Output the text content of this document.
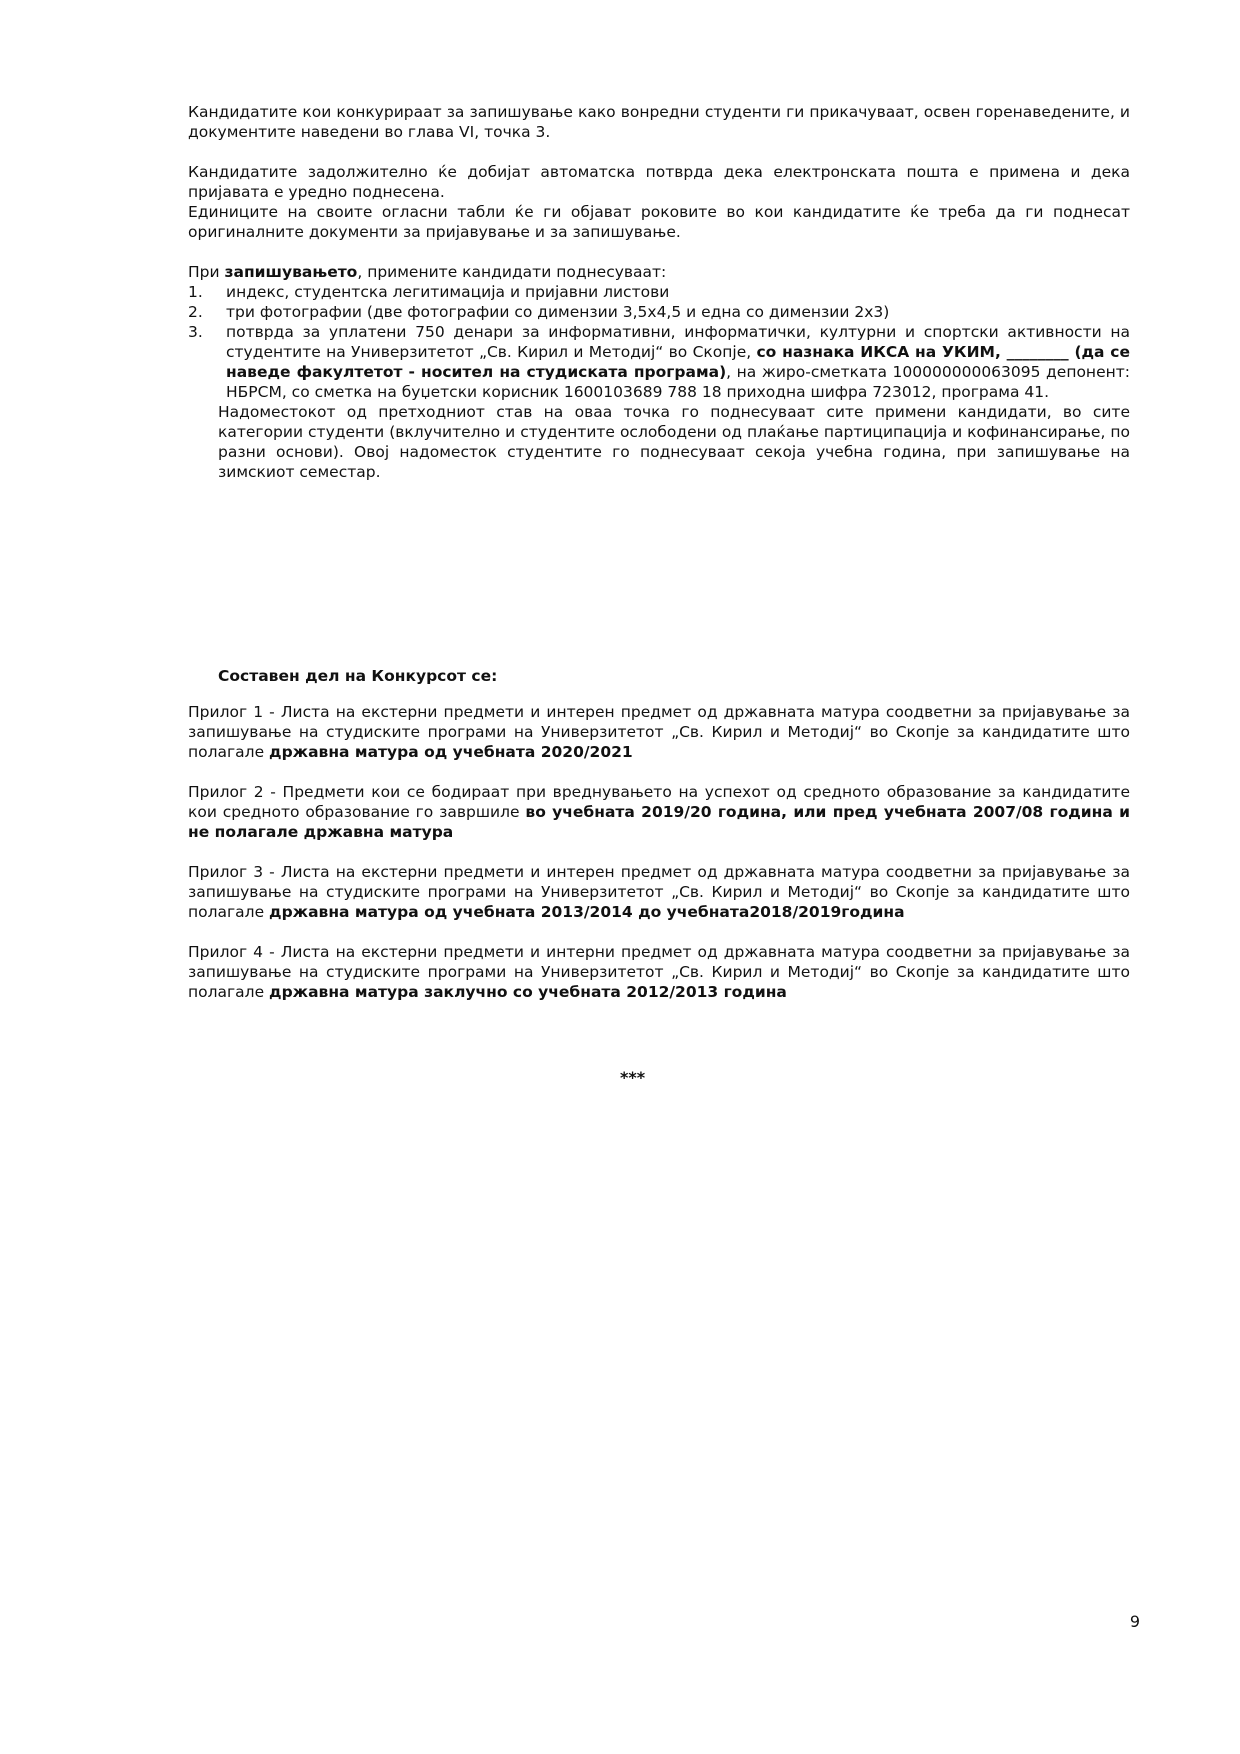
Кандидатите кои конкурираат за запишување како вонредни студенти ги прикачуваат, освен горенаведените, и документите наведени во глава VI, точка 3.

Кандидатите задолжително ќе добијат автоматска потврда дека електронската пошта е примена и дека пријавата е уредно поднесена.

Единиците на своите огласни табли ќе ги објават роковите во кои кандидатите ќе треба да ги поднесат оригиналните документи за пријавување и за запишување.

При запишувањето, примените кандидати поднесуваат:

1. индекс, студентска легитимација и пријавни листови
2. три фотографии (две фотографии со димензии 3,5x4,5 и една со димензии 2x3)
3. потврда за уплатени 750 денари за информативни, информатички, културни и спортски активности на студентите на Универзитетот „Св. Кирил и Методиј“ во Скопје, со назнака ИКСА на УКИМ, ________ (да се наведе факултетот - носител на студиската програма), на жиро-сметката 100000000063095 депонент: НБРСМ, со сметка на буџетски корисник 1600103689 788 18 приходна шифра 723012, програма 41.

Надоместокот од претходниот став на оваа точка го поднесуваат сите примени кандидати, во сите категории студенти (вклучително и студентите ослободени од плаќање партиципација и кофинансирање, по разни основи). Овој надоместок студентите го поднесуваат секоја учебна година, при запишување на зимскиот семестар.

Составен дел на Конкурсот се:

Прилог 1 - Листа на екстерни предмети и интерен предмет од државната матура соодветни за пријавување за запишување на студиските програми на Универзитетот „Св. Кирил и Методиј“ во Скопје за кандидатите што полагале државна матура од учебната 2020/2021

Прилог 2 - Предмети кои се бодираат при вреднувањето на успехот од средното образование за кандидатите кои средното образование го завршиле во учебната 2019/20 година, или пред учебната 2007/08 година и не полагале државна матура

Прилог 3 - Листа на екстерни предмети и интерен предмет од државната матура соодветни за пријавување за запишување на студиските програми на Универзитетот „Св. Кирил и Методиј“ во Скопје за кандидатите што полагале државна матура од учебната 2013/2014 до учебната2018/2019година

Прилог 4 - Листа на екстерни предмети и интерни предмет од државната матура соодветни за пријавување за запишување на студиските програми на Универзитетот „Св. Кирил и Методиј“ во Скопје за кандидатите што полагале државна матура заклучно со учебната 2012/2013 година

***
9
